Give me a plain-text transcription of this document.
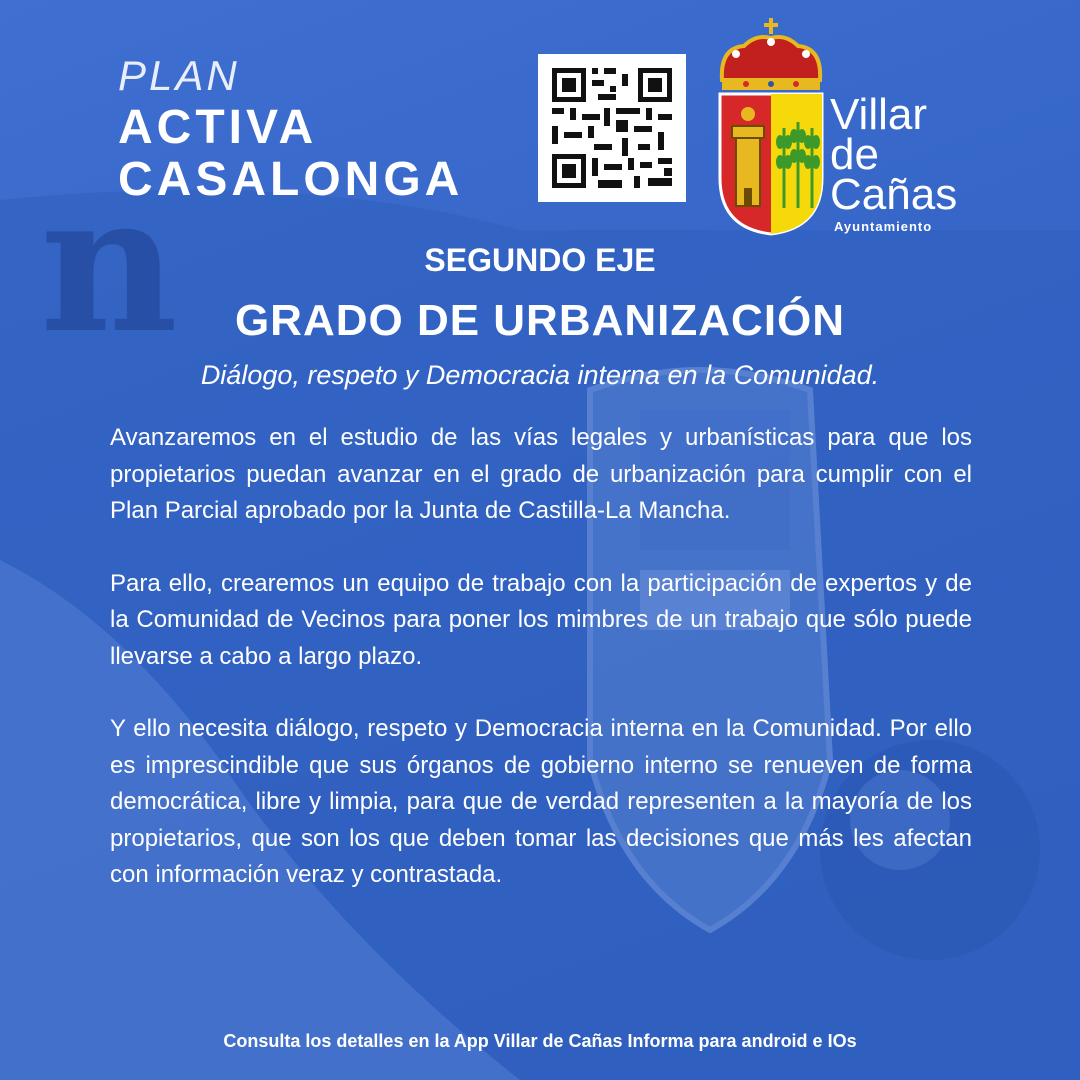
n
PLAN
ACTIVA
CASALONGA
Villar
de
Cañas
Ayuntamiento
SEGUNDO EJE
GRADO DE URBANIZACIÓN
Diálogo, respeto y Democracia interna en la Comunidad.

Avanzaremos en el estudio de las vías legales y urbanísticas para que los propietarios puedan avanzar en el grado de urbanización para cumplir con el Plan Parcial aprobado por la Junta de Castilla-La Mancha.

Para ello, crearemos un equipo de trabajo con la participación de expertos y de la Comunidad de Vecinos para poner los mimbres de un trabajo que sólo puede llevarse a cabo a largo plazo.

Y ello necesita diálogo, respeto y Democracia interna en la Comunidad. Por ello es imprescindible que sus órganos de gobierno interno se renueven de forma democrática, libre y limpia, para que de verdad representen a la mayoría de los propietarios, que son los que deben tomar las decisiones que más les afectan con información veraz y contrastada.

Consulta los detalles en la App Villar de Cañas Informa para android e IOs
